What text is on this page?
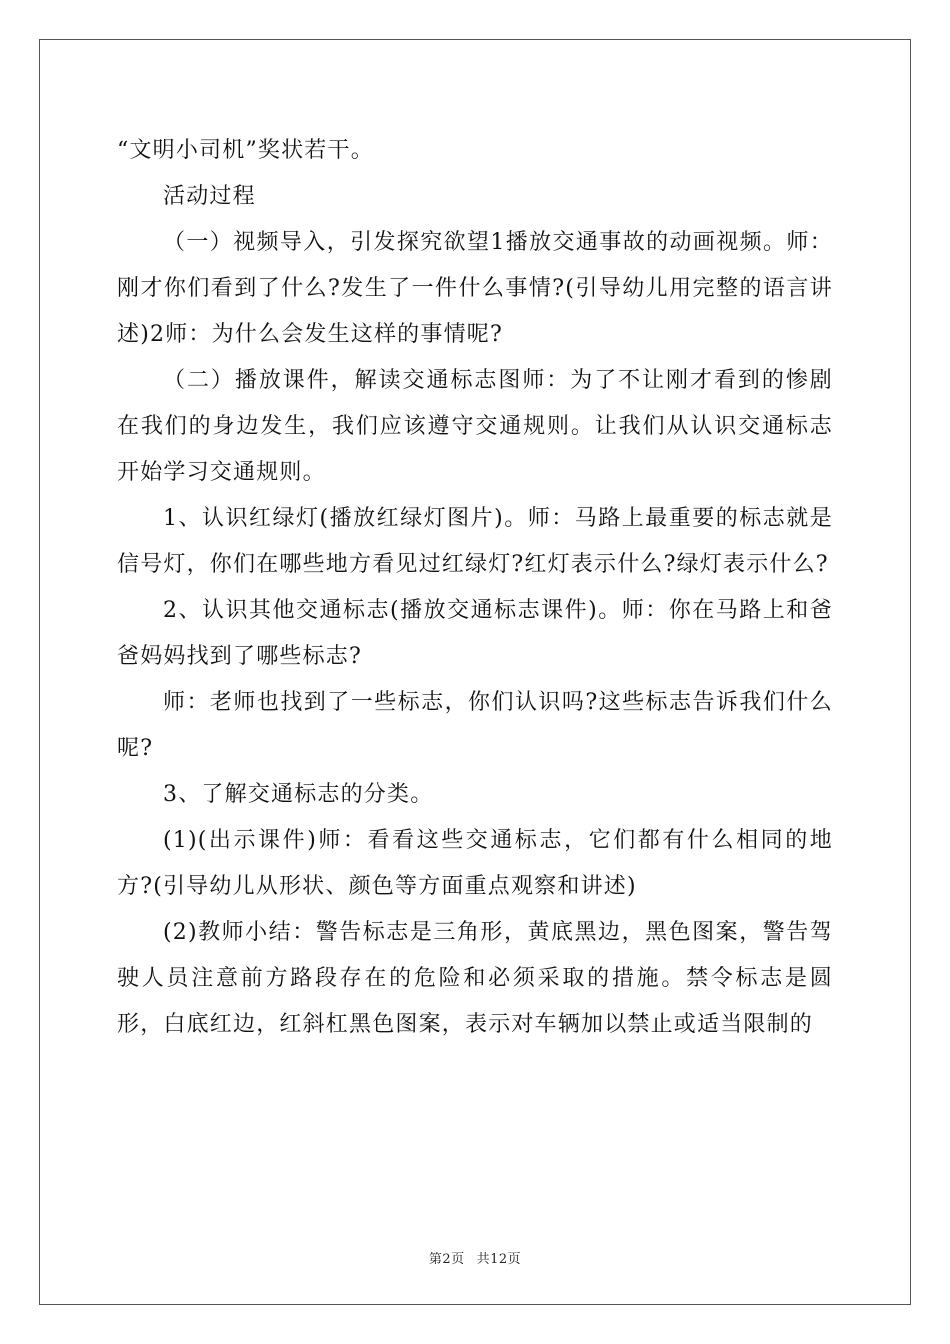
“文明小司机”奖状若干。

活动过程

（一）视频导入，引发探究欲望1播放交通事故的动画视频。师：刚才你们看到了什么?发生了一件什么事情?(引导幼儿用完整的语言讲述)2师：为什么会发生这样的事情呢?

（二）播放课件，解读交通标志图师：为了不让刚才看到的惨剧在我们的身边发生，我们应该遵守交通规则。让我们从认识交通标志开始学习交通规则。

1、认识红绿灯(播放红绿灯图片)。师：马路上最重要的标志就是信号灯，你们在哪些地方看见过红绿灯?红灯表示什么?绿灯表示什么?

2、认识其他交通标志(播放交通标志课件)。师：你在马路上和爸爸妈妈找到了哪些标志?

师：老师也找到了一些标志，你们认识吗?这些标志告诉我们什么呢?

3、了解交通标志的分类。

(1)(出示课件)师：看看这些交通标志，它们都有什么相同的地方?(引导幼儿从形状、颜色等方面重点观察和讲述)

(2)教师小结：警告标志是三角形，黄底黑边，黑色图案，警告驾驶人员注意前方路段存在的危险和必须采取的措施。禁令标志是圆形，白底红边，红斜杠黑色图案，表示对车辆加以禁止或适当限制的

第2页 共12页
